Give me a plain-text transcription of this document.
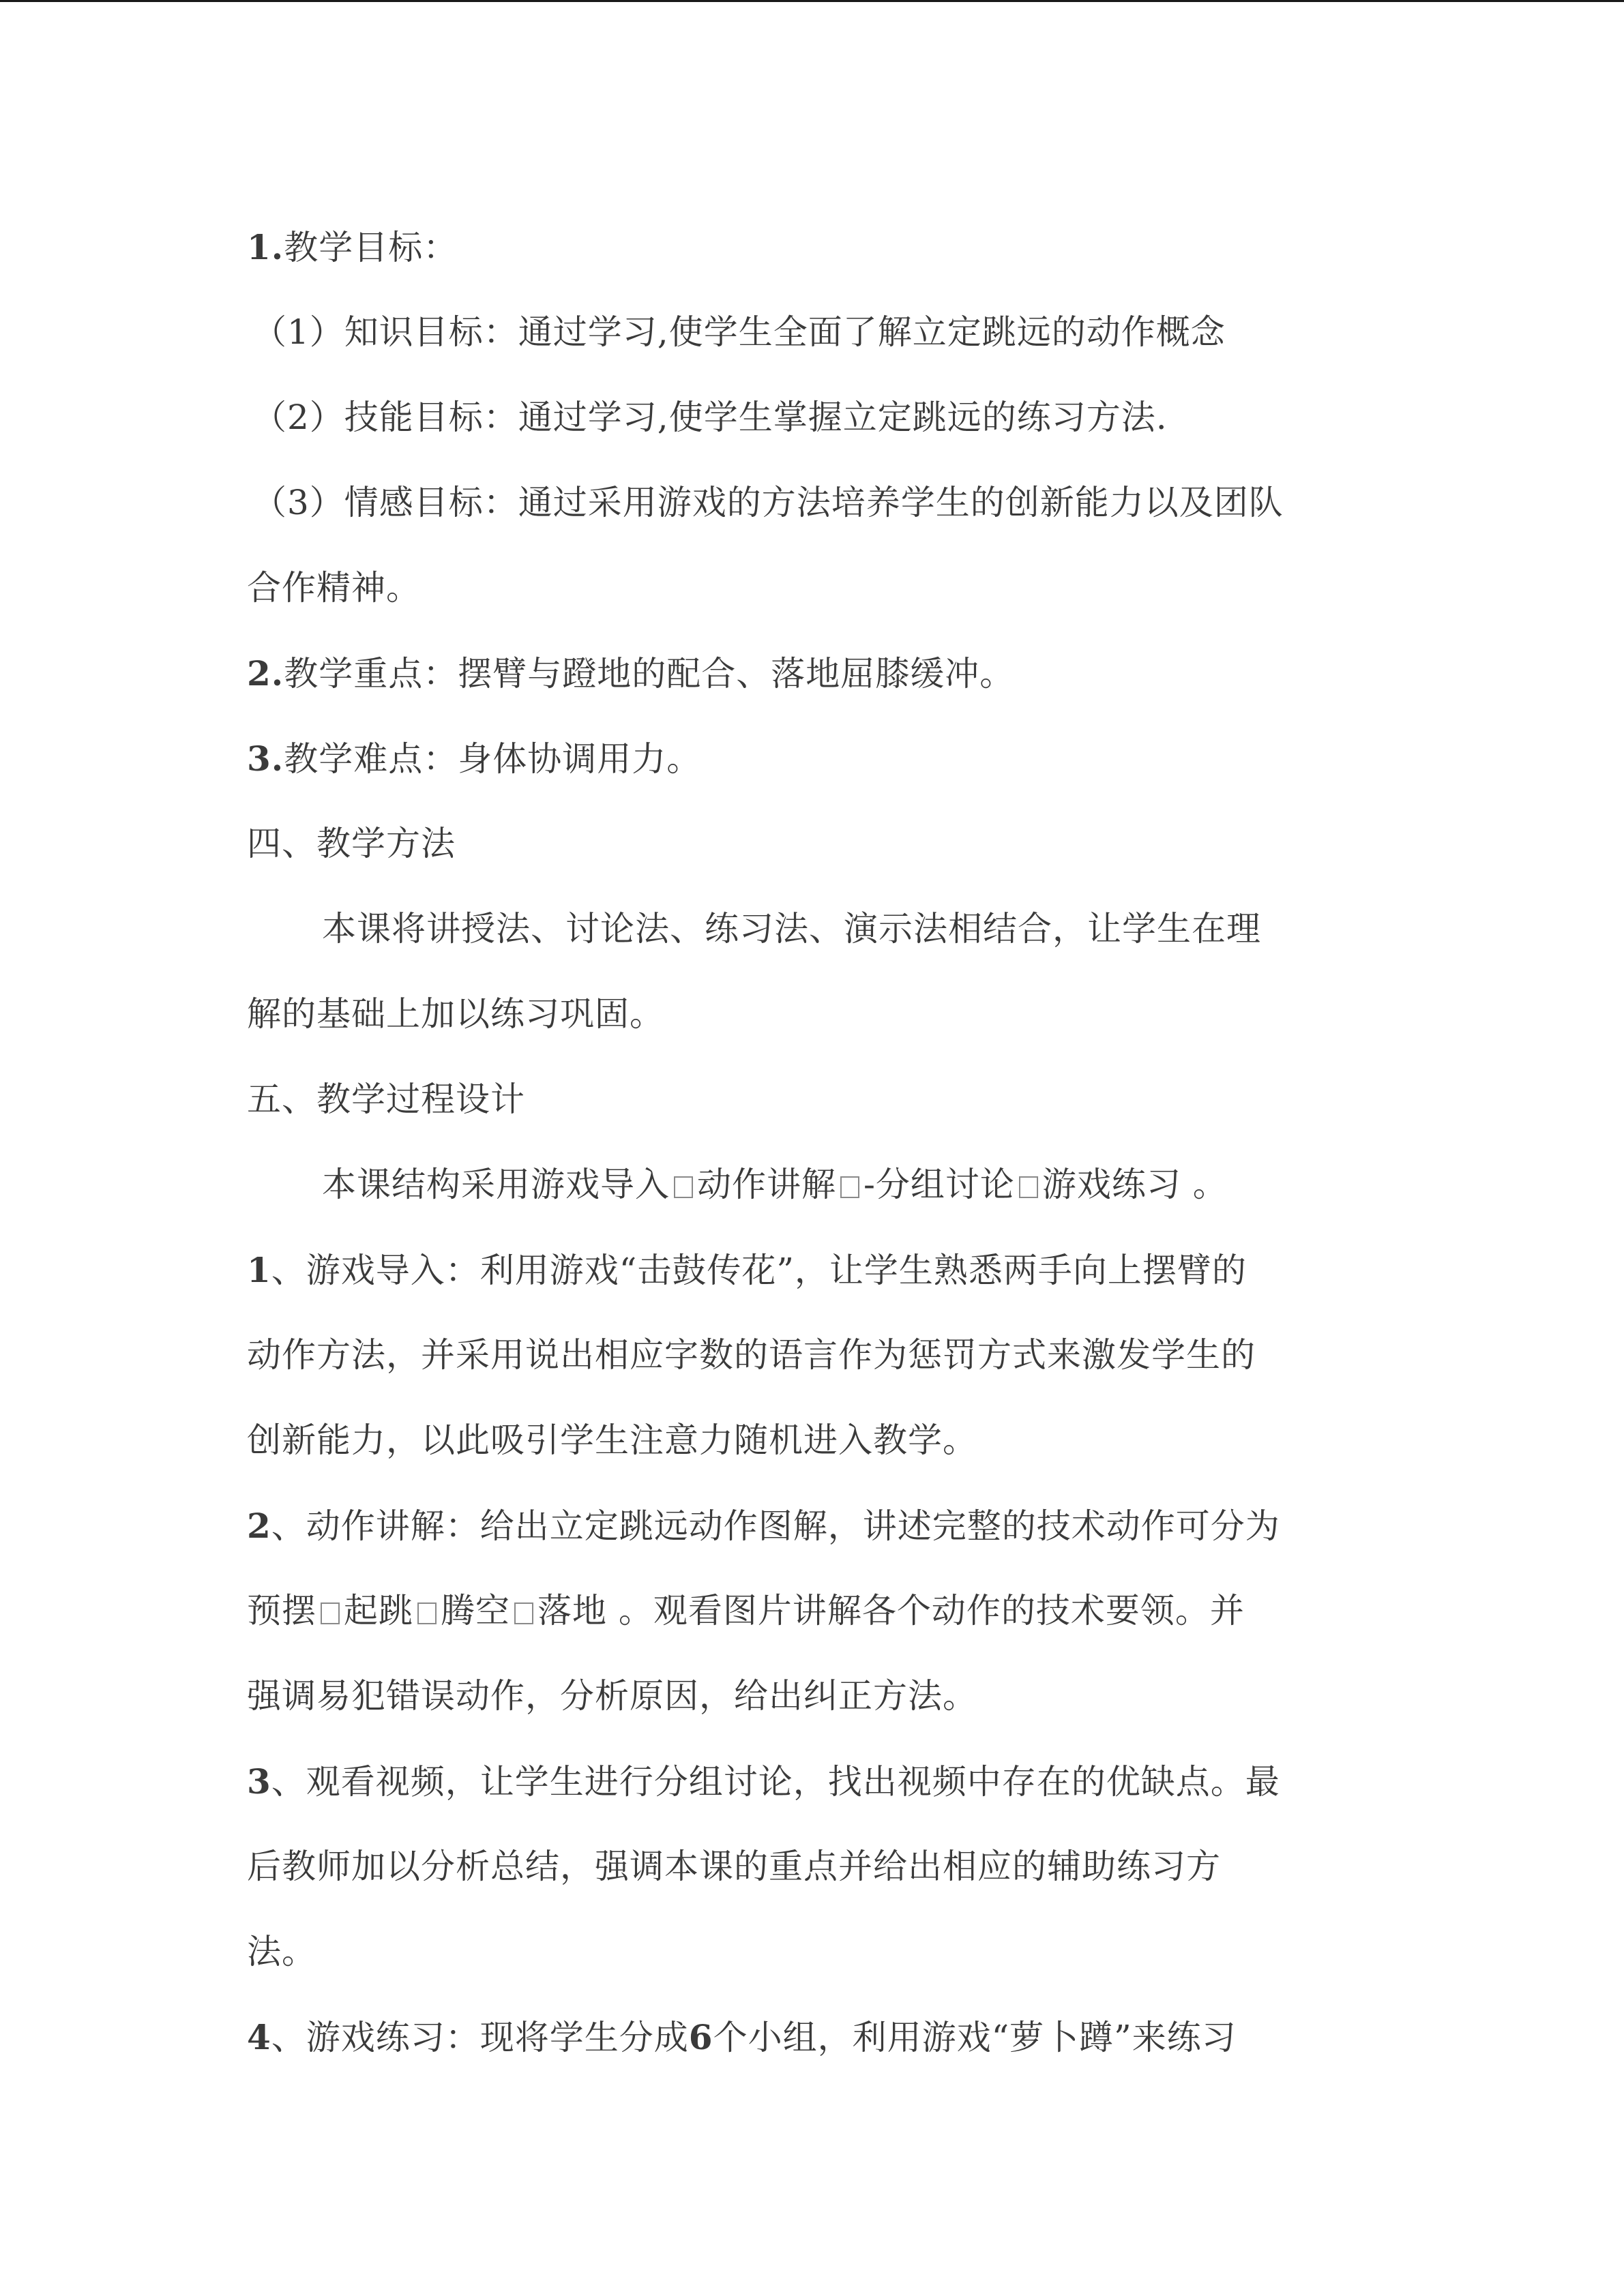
1.教学目标：
（1）知识目标：通过学习,使学生全面了解立定跳远的动作概念
（2）技能目标：通过学习,使学生掌握立定跳远的练习方法.
（3）情感目标：通过采用游戏的方法培养学生的创新能力以及团队
合作精神。
2.教学重点：摆臂与蹬地的配合、落地屈膝缓冲。
3.教学难点：身体协调用力。
四、教学方法
本课将讲授法、讨论法、练习法、演示法相结合，让学生在理
解的基础上加以练习巩固。
五、教学过程设计
本课结构采用游戏导入 动作讲解 -分组讨论 游戏练习 。
1、游戏导入：利用游戏“击鼓传花”，让学生熟悉两手向上摆臂的
动作方法，并采用说出相应字数的语言作为惩罚方式来激发学生的
创新能力，以此吸引学生注意力随机进入教学。
2、动作讲解：给出立定跳远动作图解，讲述完整的技术动作可分为
预摆 起跳 腾空 落地 。观看图片讲解各个动作的技术要领。并
强调易犯错误动作，分析原因，给出纠正方法。
3、观看视频，让学生进行分组讨论，找出视频中存在的优缺点。最
后教师加以分析总结，强调本课的重点并给出相应的辅助练习方
法。
4、游戏练习：现将学生分成6个小组，利用游戏“萝卜蹲”来练习
